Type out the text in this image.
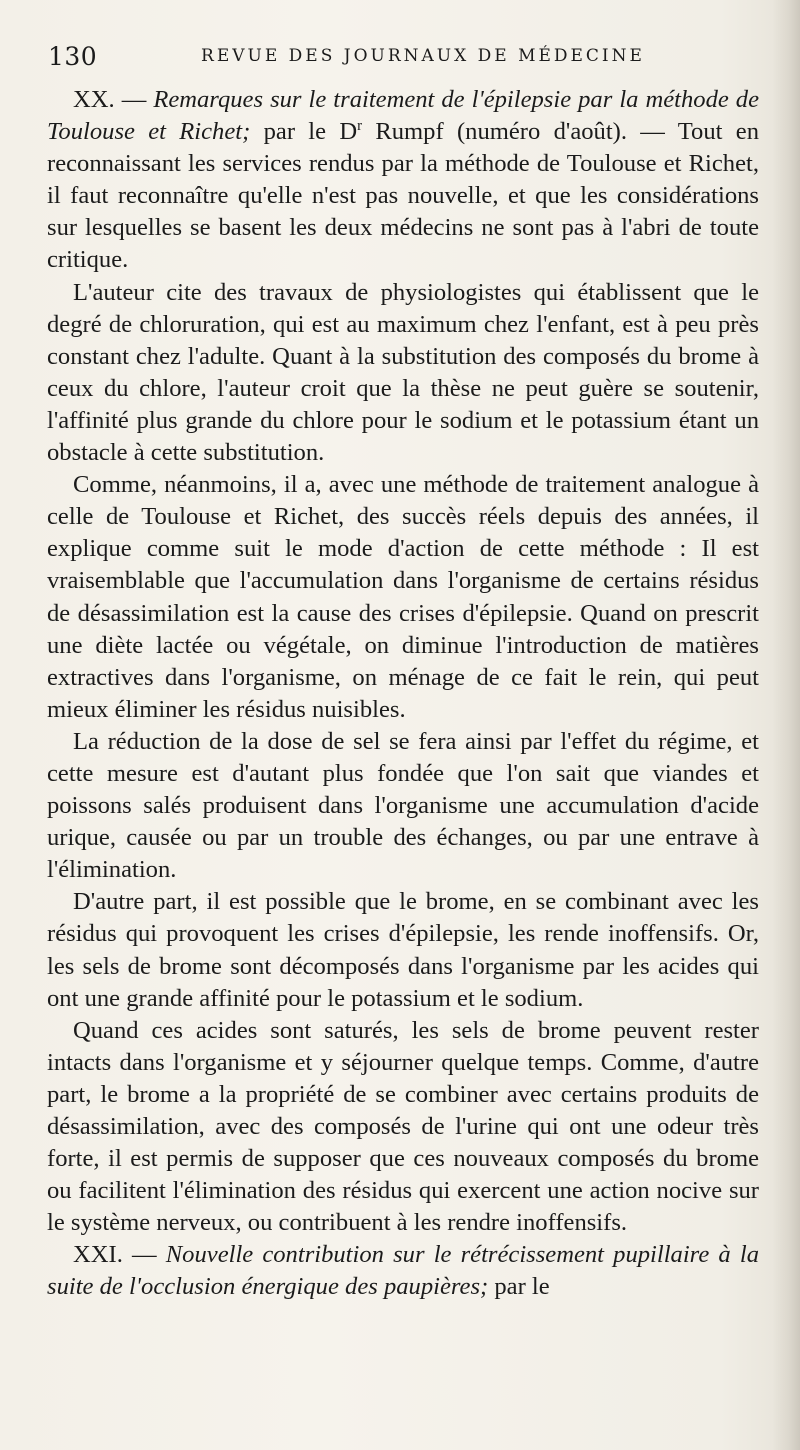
130	REVUE DES JOURNAUX DE MÉDECINE

XX. — Remarques sur le traitement de l'épilepsie par la méthode de Toulouse et Richet; par le $D^r$ Rumpf (numéro d'août). — Tout en reconnaissant les services rendus par la méthode de Toulouse et Richet, il faut reconnaître qu'elle n'est pas nouvelle, et que les considérations sur lesquelles se basent les deux médecins ne sont pas à l'abri de toute critique.

L'auteur cite des travaux de physiologistes qui établissent que le degré de chloruration, qui est au maximum chez l'enfant, est à peu près constant chez l'adulte. Quant à la substitution des composés du brome à ceux du chlore, l'auteur croit que la thèse ne peut guère se soutenir, l'affinité plus grande du chlore pour le sodium et le potassium étant un obstacle à cette substitution.

Comme, néanmoins, il a, avec une méthode de traitement analogue à celle de Toulouse et Richet, des succès réels depuis des années, il explique comme suit le mode d'action de cette méthode : Il est vraisemblable que l'accumulation dans l'organisme de certains résidus de désassimilation est la cause des crises d'épilepsie. Quand on prescrit une diète lactée ou végétale, on diminue l'introduction de matières extractives dans l'organisme, on ménage de ce fait le rein, qui peut mieux éliminer les résidus nuisibles.

La réduction de la dose de sel se fera ainsi par l'effet du régime, et cette mesure est d'autant plus fondée que l'on sait que viandes et poissons salés produisent dans l'organisme une accumulation d'acide urique, causée ou par un trouble des échanges, ou par une entrave à l'élimination.

D'autre part, il est possible que le brome, en se combinant avec les résidus qui provoquent les crises d'épilepsie, les rende inoffensifs. Or, les sels de brome sont décomposés dans l'organisme par les acides qui ont une grande affinité pour le potassium et le sodium.

Quand ces acides sont saturés, les sels de brome peuvent rester intacts dans l'organisme et y séjourner quelque temps. Comme, d'autre part, le brome a la propriété de se combiner avec certains produits de désassimilation, avec des composés de l'urine qui ont une odeur très forte, il est permis de supposer que ces nouveaux composés du brome ou facilitent l'élimination des résidus qui exercent une action nocive sur le système nerveux, ou contribuent à les rendre inoffensifs.

XXI. — Nouvelle contribution sur le rétrécissement pupillaire à la suite de l'occlusion énergique des paupières; par le
